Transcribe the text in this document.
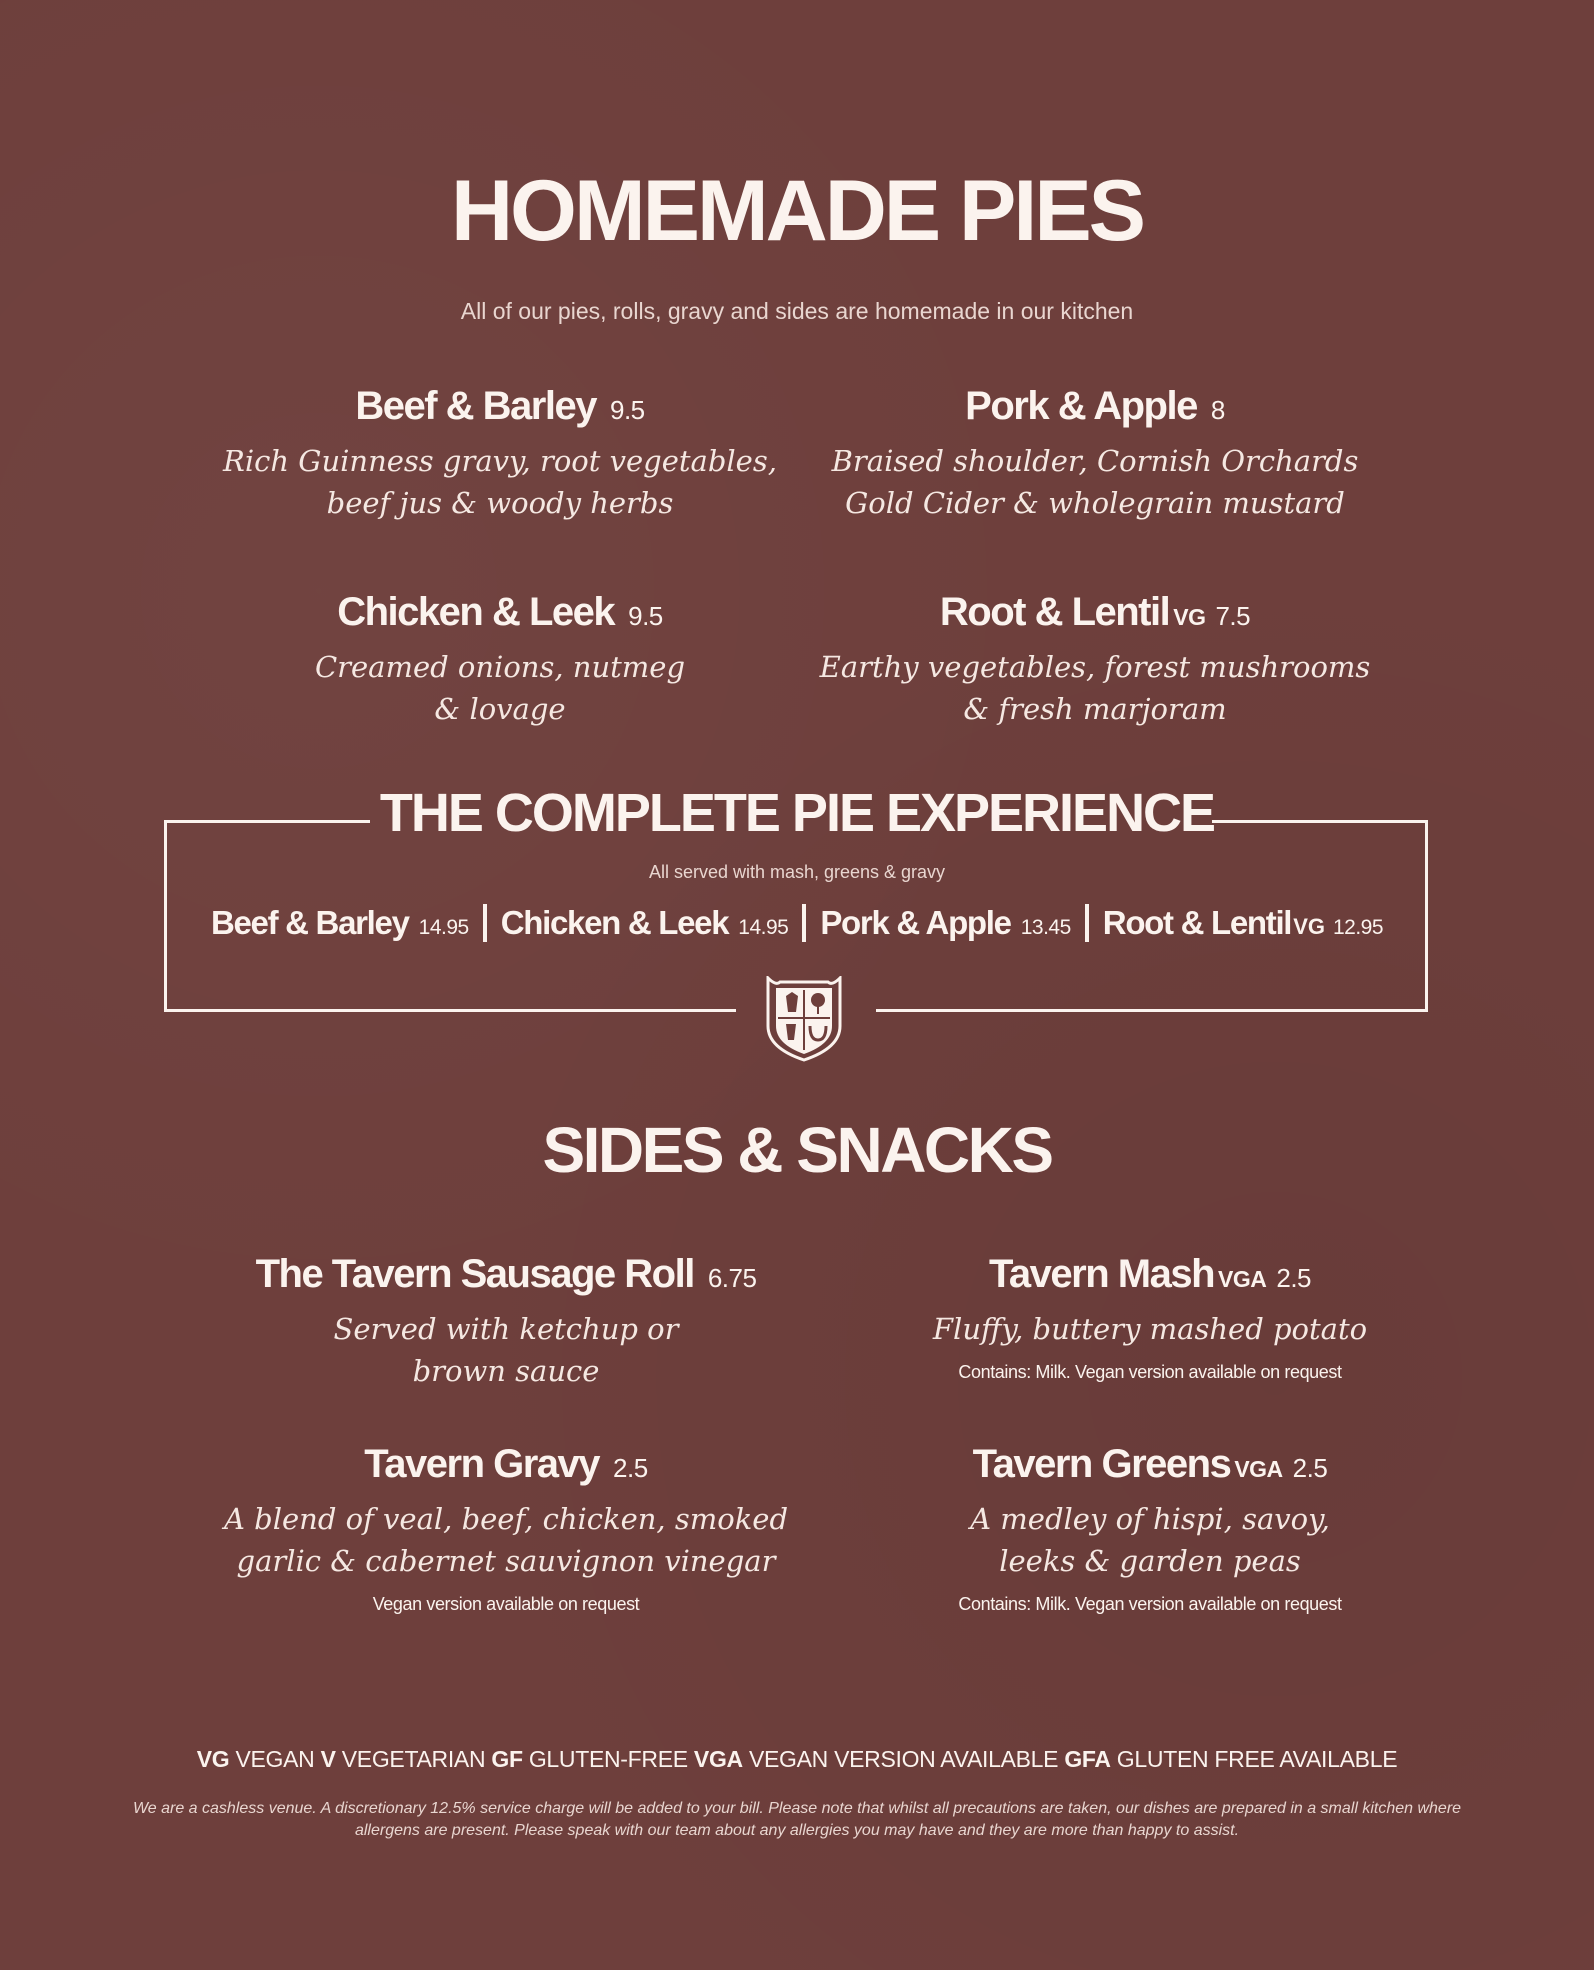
HOMEMADE PIES
All of our pies, rolls, gravy and sides are homemade in our kitchen
Beef & Barley 9.5
Rich Guinness gravy, root vegetables,
beef jus & woody herbs
Pork & Apple 8
Braised shoulder, Cornish Orchards
Gold Cider & wholegrain mustard
Chicken & Leek 9.5
Creamed onions, nutmeg
& lovage
Root & Lentil VG 7.5
Earthy vegetables, forest mushrooms
& fresh marjoram
THE COMPLETE PIE EXPERIENCE
All served with mash, greens & gravy
Beef & Barley 14.95 Chicken & Leek 14.95 Pork & Apple 13.45 Root & LentilVG 12.95
SIDES & SNACKS
The Tavern Sausage Roll 6.75
Served with ketchup or
brown sauce
Tavern Mash VGA 2.5
Fluffy, buttery mashed potato
Contains: Milk. Vegan version available on request
Tavern Gravy 2.5
A blend of veal, beef, chicken, smoked
garlic & cabernet sauvignon vinegar
Vegan version available on request
Tavern Greens VGA 2.5
A medley of hispi, savoy,
leeks & garden peas
Contains: Milk. Vegan version available on request
VG VEGAN V VEGETARIAN GF GLUTEN-FREE VGA VEGAN VERSION AVAILABLE GFA GLUTEN FREE AVAILABLE
We are a cashless venue. A discretionary 12.5% service charge will be added to your bill. Please note that whilst all precautions are taken, our dishes are prepared in a small kitchen where allergens are present. Please speak with our team about any allergies you may have and they are more than happy to assist.
